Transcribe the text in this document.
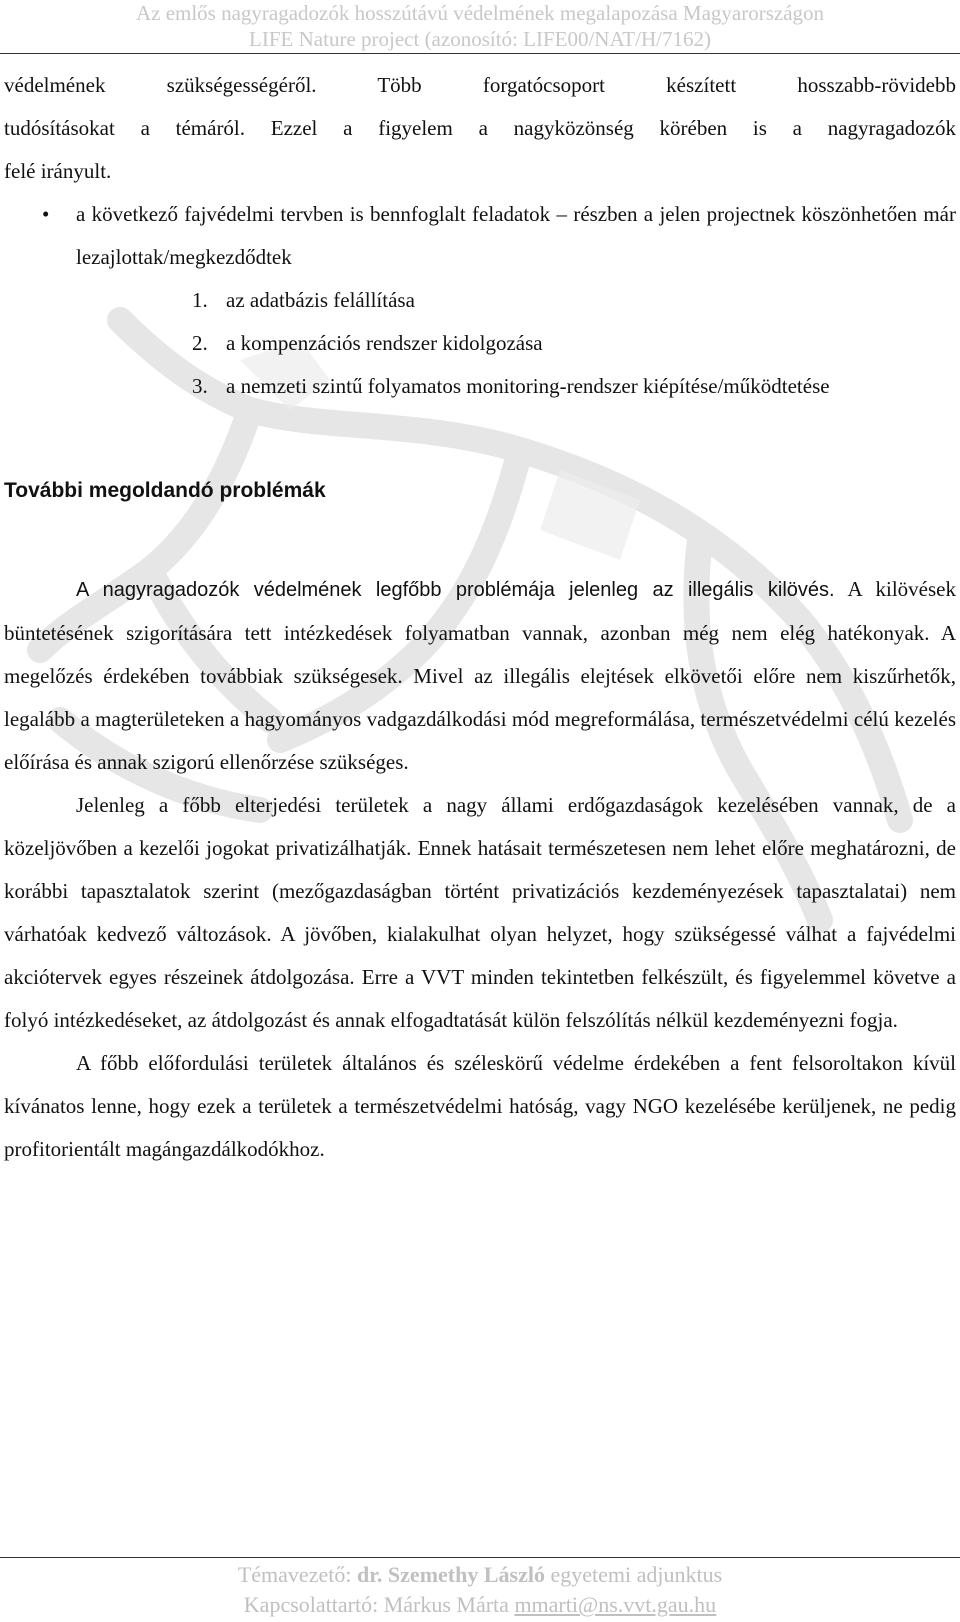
Az emlős nagyragadozók hosszútávú védelmének megalapozása Magyarországon
LIFE Nature project (azonosító: LIFE00/NAT/H/7162)

védelmének szükségességéről. Több forgatócsoport készített hosszabb-rövidebb

tudósításokat a témáról. Ezzel a figyelem a nagyközönség körében is a nagyragadozók

felé irányult.

• a következő fajvédelmi tervben is bennfoglalt feladatok – részben a jelen projectnek köszönhetően már lezajlottak/megkezdődtek
1. az adatbázis felállítása
2. a kompenzációs rendszer kidolgozása
3. a nemzeti szintű folyamatos monitoring-rendszer kiépítése/működtetése
További megoldandó problémák

A nagyragadozók védelmének legfőbb problémája jelenleg az illegális kilövés. A kilövések büntetésének szigorítására tett intézkedések folyamatban vannak, azonban még nem elég hatékonyak. A megelőzés érdekében továbbiak szükségesek. Mivel az illegális elejtések elkövetői előre nem kiszűrhetők, legalább a magterületeken a hagyományos vadgazdálkodási mód megreformálása, természetvédelmi célú kezelés előírása és annak szigorú ellenőrzése szükséges.

Jelenleg a főbb elterjedési területek a nagy állami erdőgazdaságok kezelésében vannak, de a közeljövőben a kezelői jogokat privatizálhatják. Ennek hatásait természetesen nem lehet előre meghatározni, de korábbi tapasztalatok szerint (mezőgazdaságban történt privatizációs kezdeményezések tapasztalatai) nem várhatóak kedvező változások. A jövőben, kialakulhat olyan helyzet, hogy szükségessé válhat a fajvédelmi akciótervek egyes részeinek átdolgozása. Erre a VVT minden tekintetben felkészült, és figyelemmel követve a folyó intézkedéseket, az átdolgozást és annak elfogadtatását külön felszólítás nélkül kezdeményezni fogja.

A főbb előfordulási területek általános és széleskörű védelme érdekében a fent felsoroltakon kívül kívánatos lenne, hogy ezek a területek a természetvédelmi hatóság, vagy NGO kezelésébe kerüljenek, ne pedig profitorientált magángazdálkodókhoz.

Témavezető: dr. Szemethy László egyetemi adjunktus
Kapcsolattartó: Márkus Márta mmarti@ns.vvt.gau.hu
